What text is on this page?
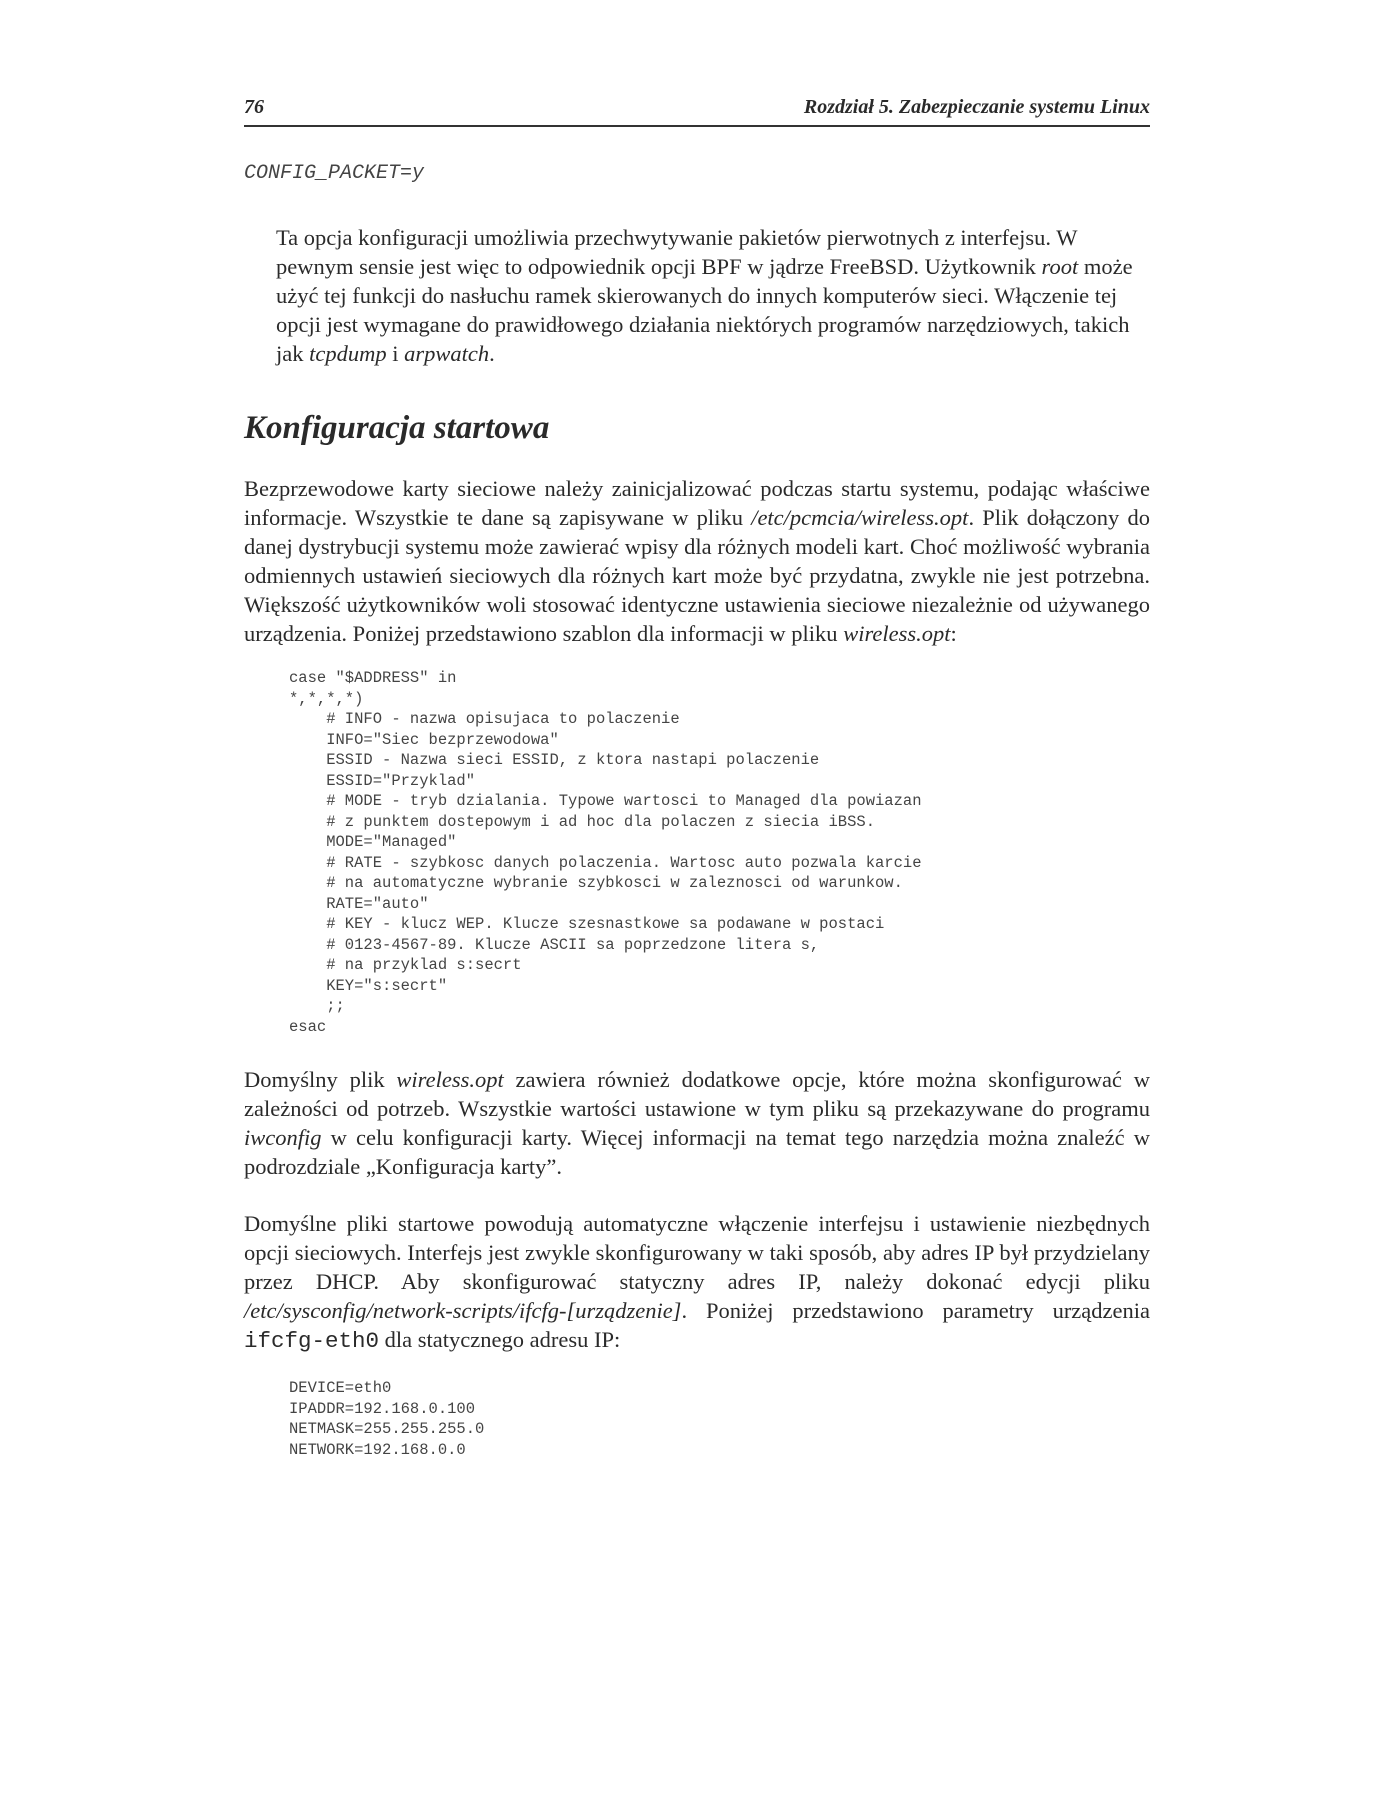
76	Rozdział 5. Zabezpieczanie systemu Linux

CONFIG_PACKET=y

Ta opcja konfiguracji umożliwia przechwytywanie pakietów pierwotnych z interfejsu. W pewnym sensie jest więc to odpowiednik opcji BPF w jądrze FreeBSD. Użytkownik root może użyć tej funkcji do nasłuchu ramek skierowanych do innych komputerów sieci. Włączenie tej opcji jest wymagane do prawidłowego działania niektórych programów narzędziowych, takich jak tcpdump i arpwatch.
Konfiguracja startowa

Bezprzewodowe karty sieciowe należy zainicjalizować podczas startu systemu, podając właściwe informacje. Wszystkie te dane są zapisywane w pliku /etc/pcmcia/wireless.opt. Plik dołączony do danej dystrybucji systemu może zawierać wpisy dla różnych modeli kart. Choć możliwość wybrania odmiennych ustawień sieciowych dla różnych kart może być przydatna, zwykle nie jest potrzebna. Większość użytkowników woli stosować identyczne ustawienia sieciowe niezależnie od używanego urządzenia. Poniżej przedstawiono szablon dla informacji w pliku wireless.opt:

case "$ADDRESS" in
*,*,*,*)
# INFO - nazwa opisujaca to polaczenie
INFO="Siec bezprzewodowa"
ESSID - Nazwa sieci ESSID, z ktora nastapi polaczenie
ESSID="Przyklad"
# MODE - tryb dzialania. Typowe wartosci to Managed dla powiazan
# z punktem dostepowym i ad hoc dla polaczen z siecia iBSS.
MODE="Managed"
# RATE - szybkosc danych polaczenia. Wartosc auto pozwala karcie
# na automatyczne wybranie szybkosci w zaleznosci od warunkow.
RATE="auto"
# KEY - klucz WEP. Klucze szesnastkowe sa podawane w postaci
# 0123-4567-89. Klucze ASCII sa poprzedzone litera s,
# na przyklad s:secrt
KEY="s:secrt"
;;
esac

Domyślny plik wireless.opt zawiera również dodatkowe opcje, które można skonfigurować w zależności od potrzeb. Wszystkie wartości ustawione w tym pliku są przekazywane do programu iwconfig w celu konfiguracji karty. Więcej informacji na temat tego narzędzia można znaleźć w podrozdziale „Konfiguracja karty”.

Domyślne pliki startowe powodują automatyczne włączenie interfejsu i ustawienie niezbędnych opcji sieciowych. Interfejs jest zwykle skonfigurowany w taki sposób, aby adres IP był przydzielany przez DHCP. Aby skonfigurować statyczny adres IP, należy dokonać edycji pliku /etc/sysconfig/network-scripts/ifcfg-[urządzenie]. Poniżej przedstawiono parametry urządzenia ifcfg-eth0 dla statycznego adresu IP:

DEVICE=eth0
IPADDR=192.168.0.100
NETMASK=255.255.255.0
NETWORK=192.168.0.0
